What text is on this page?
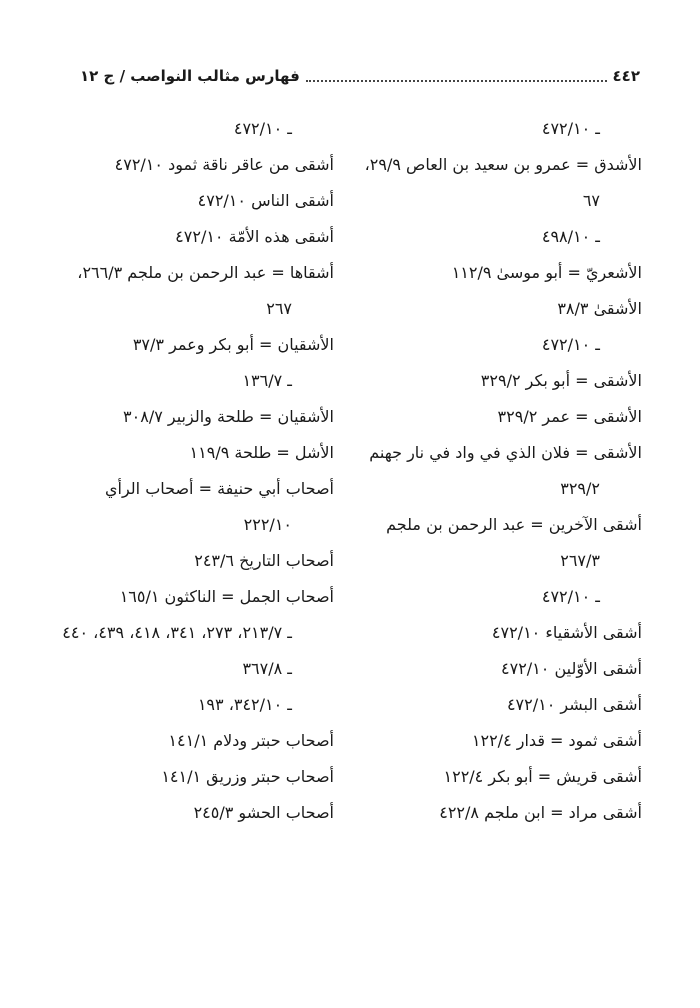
٤٤٢
فهارس مثالب النواصب / ج ١٢
ـ ٤٧٢/١٠
الأشدق = عمرو بن سعيد بن العاص ٢٩/٩،
٦٧
ـ ٤٩٨/١٠
الأشعريّ = أبو موسىٰ ١١٢/٩
الأشقىٰ ٣٨/٣
ـ ٤٧٢/١٠
الأشقى = أبو بكر ٣٢٩/٢
الأشقى = عمر ٣٢٩/٢
الأشقى = فلان الذي في واد في نار جهنم
٣٢٩/٢
أشقى الآخرين = عبد الرحمن بن ملجم
٢٦٧/٣
ـ ٤٧٢/١٠
أشقى الأشقياء ٤٧٢/١٠
أشقى الأوّلين ٤٧٢/١٠
أشقى البشر ٤٧٢/١٠
أشقى ثمود = قدار ١٢٢/٤
أشقى قريش = أبو بكر ١٢٢/٤
أشقى مراد = ابن ملجم ٤٢٢/٨
ـ ٤٧٢/١٠
أشقى من عاقر ناقة ثمود ٤٧٢/١٠
أشقى الناس ٤٧٢/١٠
أشقى هذه الأمّة ٤٧٢/١٠
أشقاها = عبد الرحمن بن ملجم ٢٦٦/٣،
٢٦٧
الأشقيان = أبو بكر وعمر ٣٧/٣
ـ ١٣٦/٧
الأشقيان = طلحة والزبير ٣٠٨/٧
الأشل = طلحة ١١٩/٩
أصحاب أبي حنيفة = أصحاب الرأي
٢٢٢/١٠
أصحاب التاريخ ٢٤٣/٦
أصحاب الجمل = الناكثون ١٦٥/١
ـ ٢١٣/٧، ٢٧٣، ٣٤١، ٤١٨، ٤٣٩، ٤٤٠
ـ ٣٦٧/٨
ـ ٣٤٢/١٠، ١٩٣
أصحاب حبتر ودلام ١٤١/١
أصحاب حبتر وزريق ١٤١/١
أصحاب الحشو ٢٤٥/٣
